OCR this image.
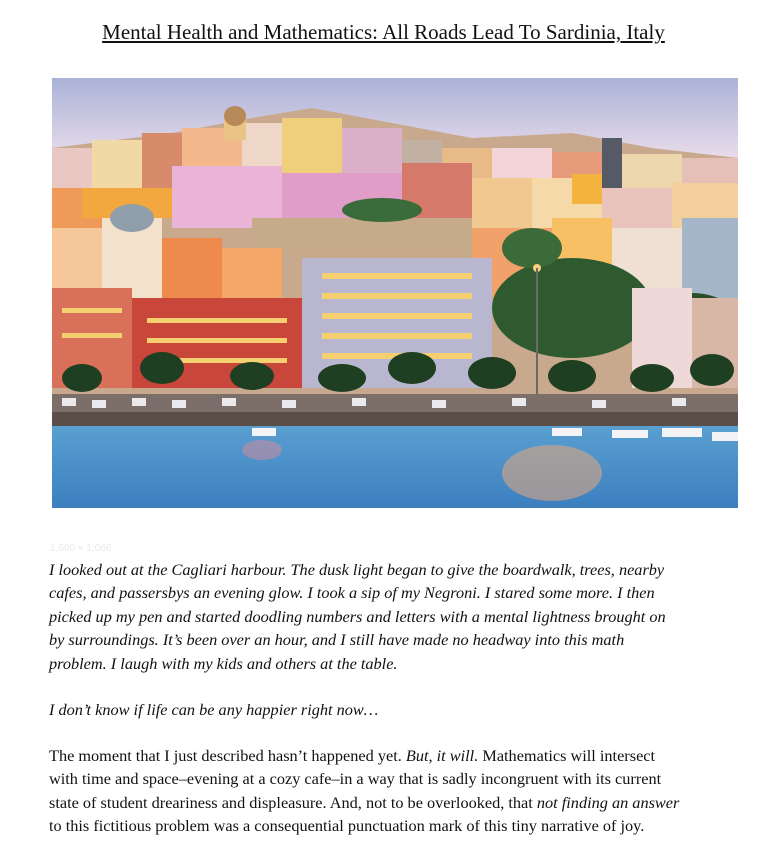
Mental Health and Mathematics: All Roads Lead To Sardinia, Italy
1,600 × 1,066
I looked out at the Cagliari harbour. The dusk light began to give the boardwalk, trees, nearby
cafes, and passersbys an evening glow. I took a sip of my Negroni. I stared some more. I then
picked up my pen and started doodling numbers and letters with a mental lightness brought on
by surroundings. It’s been over an hour, and I still have made no headway into this math
problem. I laugh with my kids and others at the table.
I don’t know if life can be any happier right now…
The moment that I just described hasn’t happened yet. But, it will. Mathematics will intersect
with time and space–evening at a cozy cafe–in a way that is sadly incongruent with its current
state of student dreariness and displeasure. And, not to be overlooked, that not finding an answer
to this fictitious problem was a consequential punctuation mark of this tiny narrative of joy.
